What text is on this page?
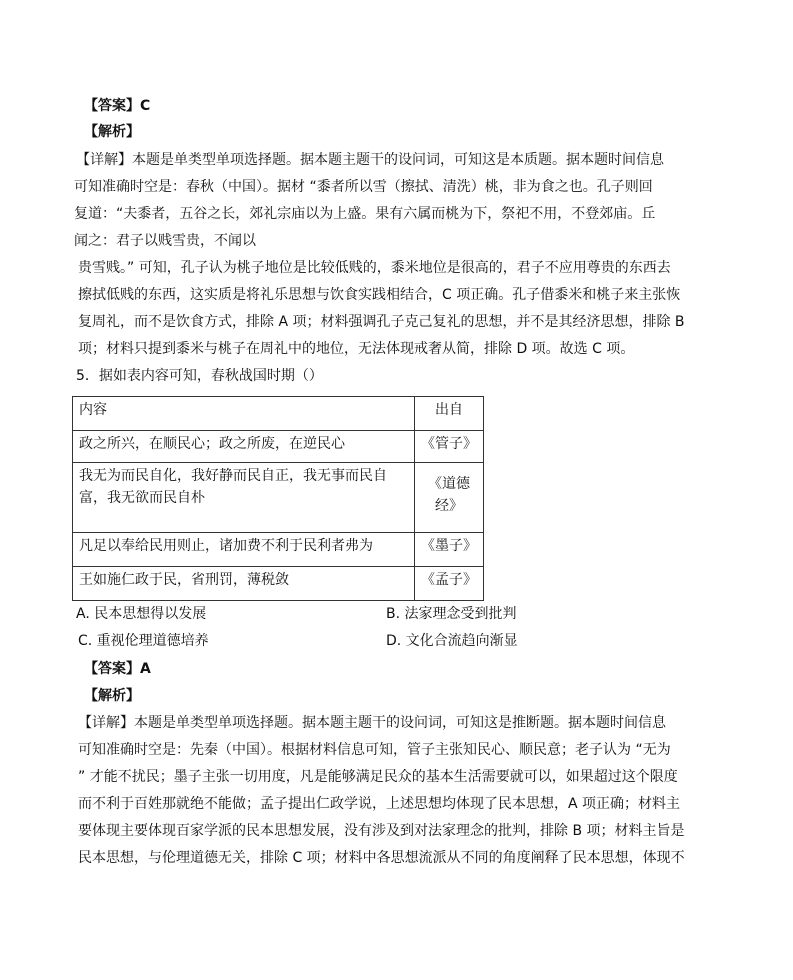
【答案】C
【解析】
【详解】本题是单类型单项选择题。据本题主题干的设问词，可知这是本质题。据本题时间信息
可知准确时空是：春秋（中国）。据材 “黍者所以雪（擦拭、清洗）桃，非为食之也。孔子则回
复道：“夫黍者，五谷之长，郊礼宗庙以为上盛。果有六属而桃为下，祭祀不用，不登郊庙。丘
闻之：君子以贱雪贵，不闻以
贵雪贱。” 可知，孔子认为桃子地位是比较低贱的，黍米地位是很高的，君子不应用尊贵的东西去
擦拭低贱的东西，这实质是将礼乐思想与饮食实践相结合，C 项正确。孔子借黍米和桃子来主张恢
复周礼，而不是饮食方式，排除 A 项；材料强调孔子克己复礼的思想，并不是其经济思想，排除 B
项；材料只提到黍米与桃子在周礼中的地位，无法体现戒奢从简，排除 D 项。故选 C 项。
5．据如表内容可知，春秋战国时期（）
内容	出自
政之所兴，在顺民心；政之所废，在逆民心	《管子》
我无为而民自化，我好静而民自正，我无事而民自富，我无欲而民自朴	《道德经》
凡足以奉给民用则止，诸加费不利于民利者弗为	《墨子》
王如施仁政于民，省刑罚，薄税敛	《孟子》
A. 民本思想得以发展	B. 法家理念受到批判
C. 重视伦理道德培养	D. 文化合流趋向渐显
【答案】A
【解析】
【详解】本题是单类型单项选择题。据本题主题干的设问词，可知这是推断题。据本题时间信息
可知准确时空是：先秦（中国）。根据材料信息可知，管子主张知民心、顺民意；老子认为 “无为
” 才能不扰民；墨子主张一切用度，凡是能够满足民众的基本生活需要就可以，如果超过这个限度
而不利于百姓那就绝不能做；孟子提出仁政学说，上述思想均体现了民本思想，A 项正确；材料主
要体现主要体现百家学派的民本思想发展，没有涉及到对法家理念的批判，排除 B 项；材料主旨是
民本思想，与伦理道德无关，排除 C 项；材料中各思想流派从不同的角度阐释了民本思想，体现不
